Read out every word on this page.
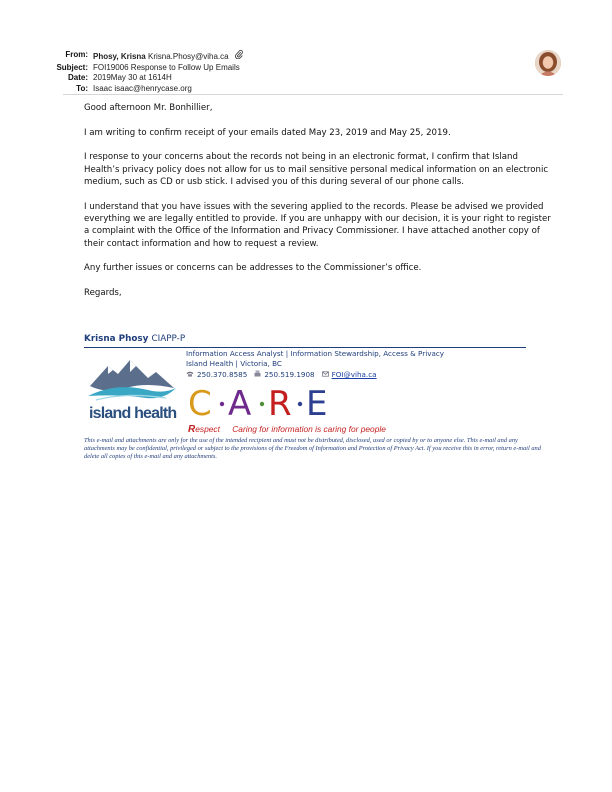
From: Phosy, Krisna Krisna.Phosy@viha.ca
Subject: FOI19006 Response to Follow Up Emails
Date: 2019May 30 at 1614H
To: Isaac isaac@henrycase.org

Good afternoon Mr. Bonhillier,

I am writing to confirm receipt of your emails dated May 23, 2019 and May 25, 2019.

I response to your concerns about the records not being in an electronic format, I confirm that Island Health’s privacy policy does not allow for us to mail sensitive personal medical information on an electronic medium, such as CD or usb stick. I advised you of this during several of our phone calls.

I understand that you have issues with the severing applied to the records. Please be advised we provided everything we are legally entitled to provide. If you are unhappy with our decision, it is your right to register a complaint with the Office of the Information and Privacy Commissioner. I have attached another copy of their contact information and how to request a review.

Any further issues or concerns can be addresses to the Commissioner’s office.

Regards,

Krisna Phosy CIAPP-P
Information Access Analyst | Information Stewardship, Access & Privacy
Island Health | Victoria, BC
250.370.8585 250.519.1908 FOI@viha.ca
island health C A R E
Respect Caring for information is caring for people
This e-mail and attachments are only for the use of the intended recipient and must not be distributed, disclosed, used or copied by or to anyone else. This e-mail and any attachments may be confidential, privileged or subject to the provisions of the Freedom of Information and Protection of Privacy Act. If you receive this in error, return e-mail and delete all copies of this e-mail and any attachments.
